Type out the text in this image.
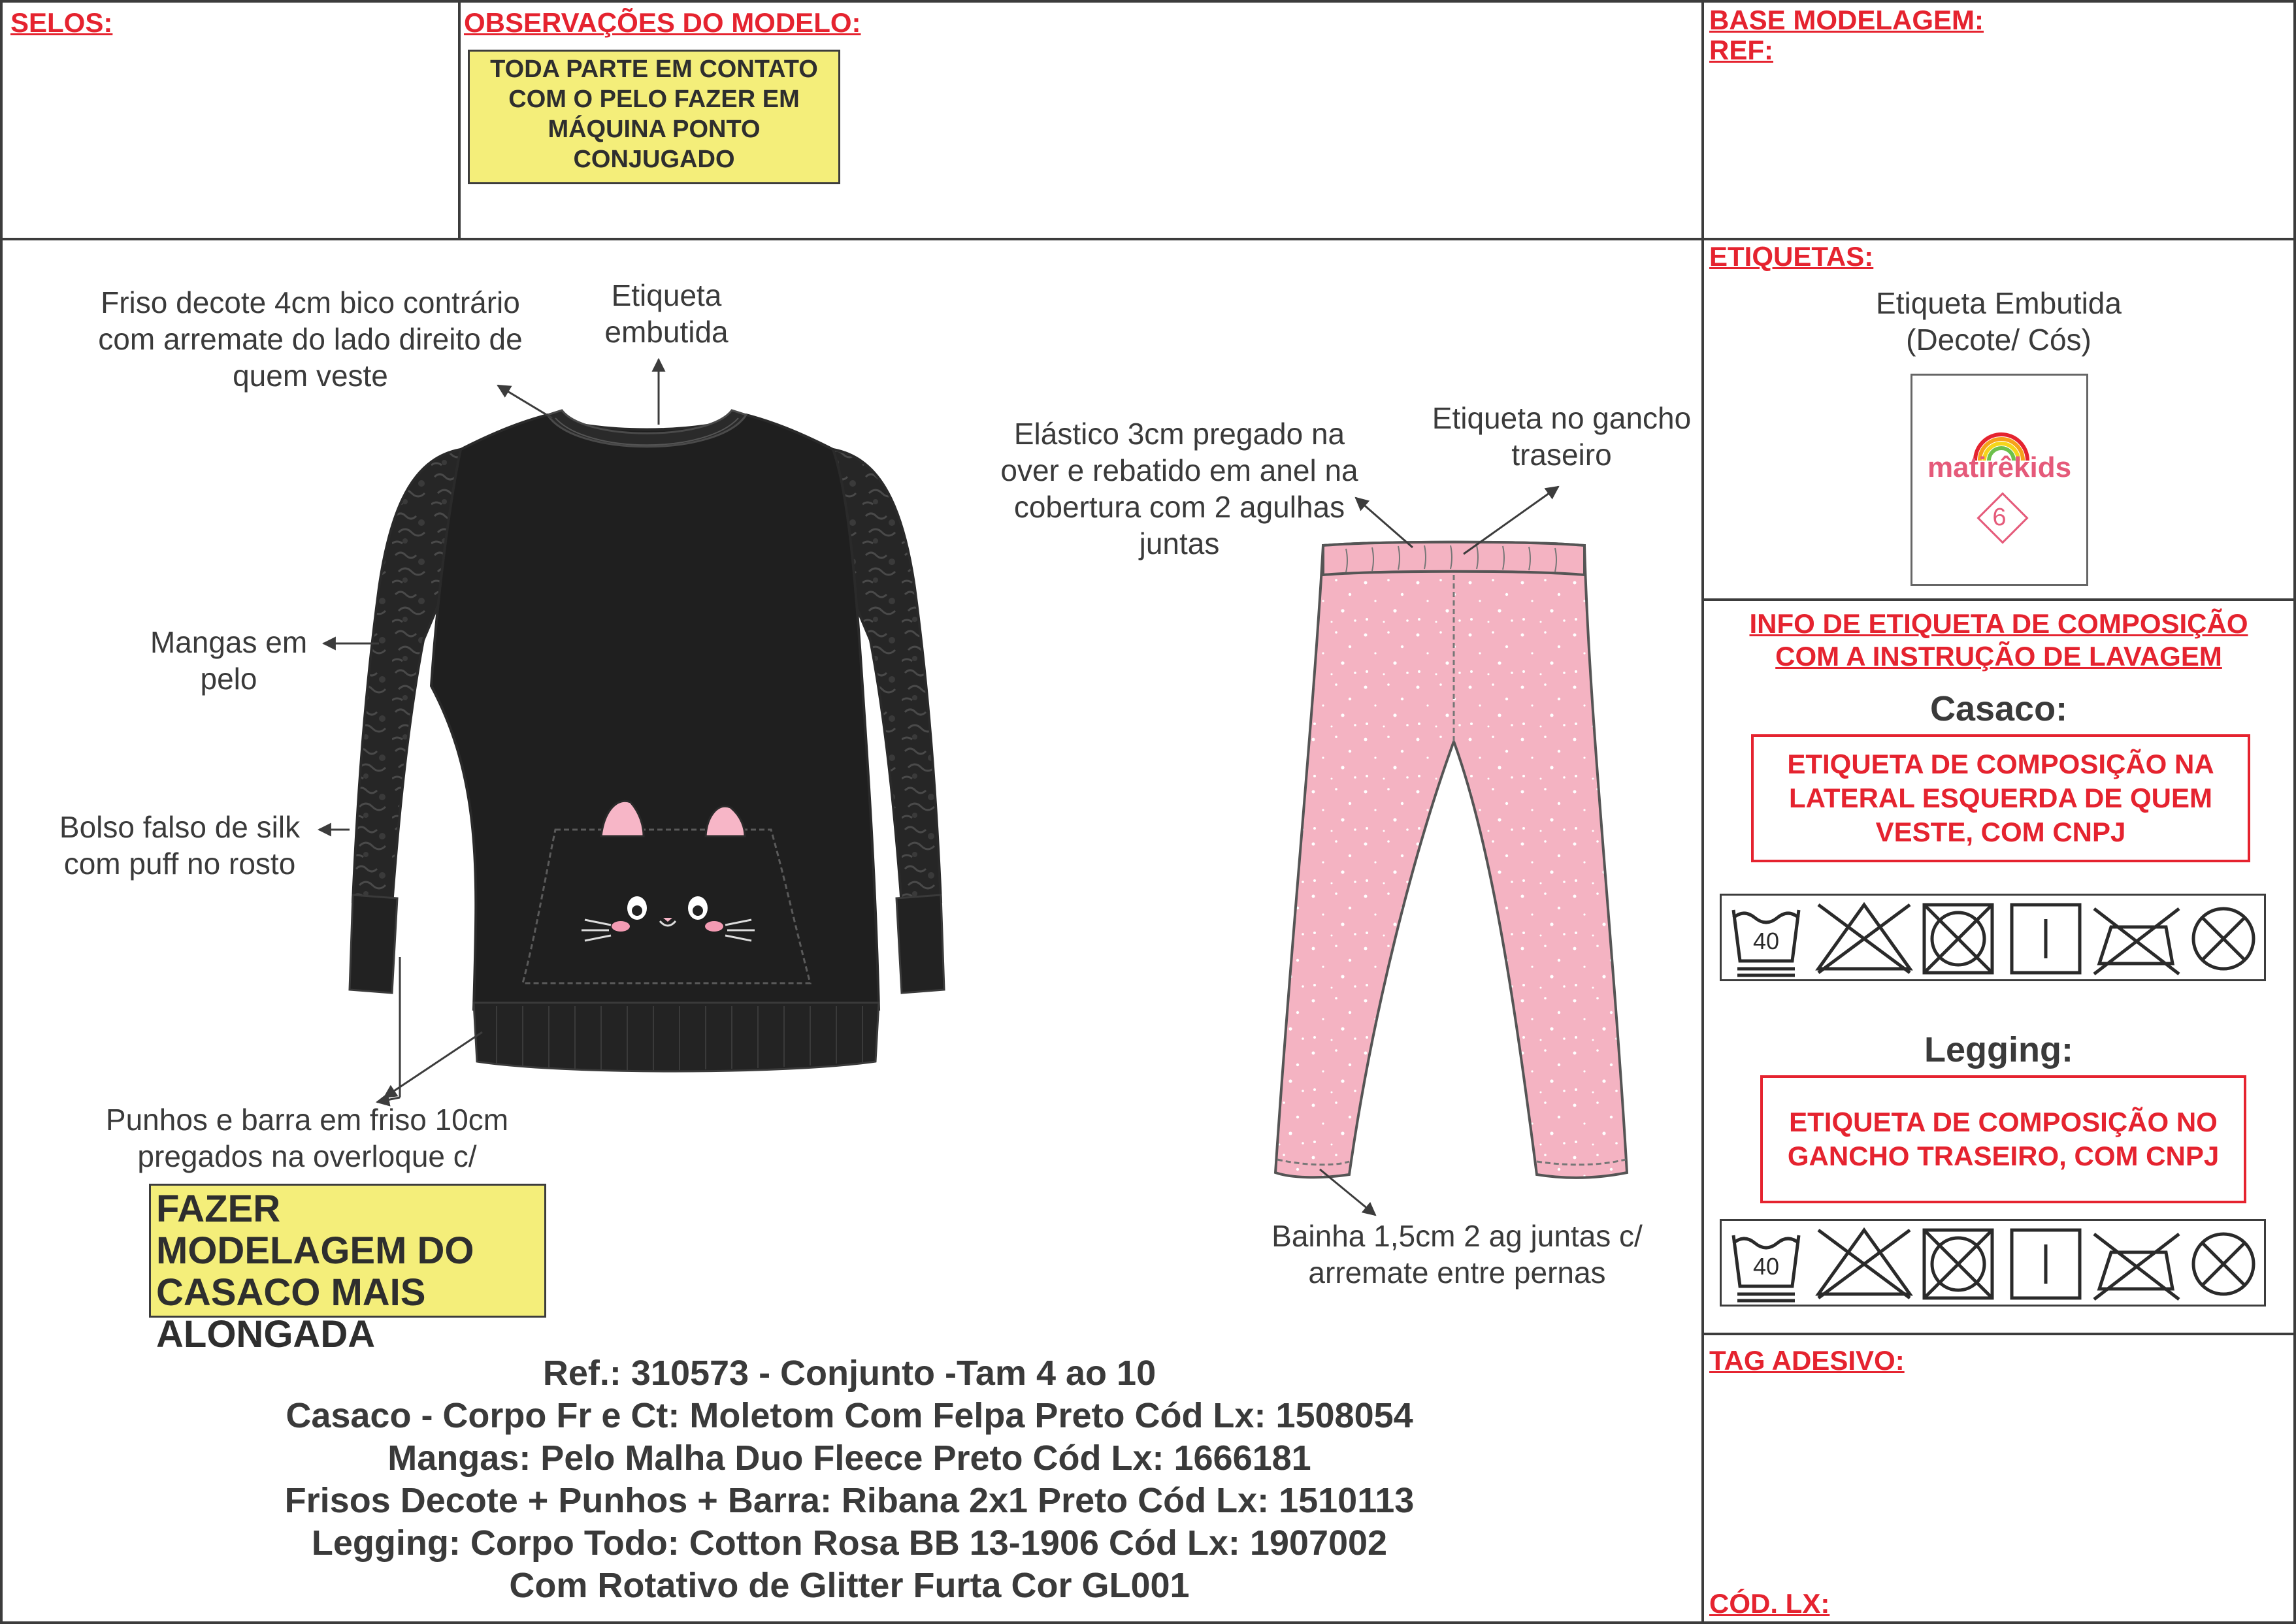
SELOS:	OBSERVAÇÕES DO MODELO:
TODA PARTE EM CONTATO COM O PELO FAZER EM MÁQUINA PONTO CONJUGADO
BASE MODELAGEM:
REF:
Friso decote 4cm bico contrário com arremate do lado direito de quem veste
Etiqueta embutida
Mangas em pelo
Bolso falso de silk com puff no rosto
Punhos e barra em friso 10cm pregados na overloque c/
FAZER MODELAGEM DO CASACO MAIS ALONGADA
Elástico 3cm pregado na over e rebatido em anel na cobertura com 2 agulhas juntas
Etiqueta no gancho traseiro
Bainha 1,5cm 2 ag juntas c/ arremate entre pernas
Ref.: 310573 - Conjunto -Tam 4 ao 10
Casaco - Corpo Fr e Ct: Moletom Com Felpa Preto Cód Lx: 1508054
Mangas: Pelo Malha Duo Fleece Preto Cód Lx: 1666181
Frisos Decote + Punhos + Barra: Ribana 2x1 Preto Cód Lx: 1510113
Legging: Corpo Todo: Cotton Rosa BB 13-1906 Cód Lx: 1907002
Com Rotativo de Glitter Furta Cor GL001
ETIQUETAS:
Etiqueta Embutida
(Decote/ Cós)
matirêkids
6
INFO DE ETIQUETA DE COMPOSIÇÃO
COM A INSTRUÇÃO DE LAVAGEM
Casaco:
ETIQUETA DE COMPOSIÇÃO NA LATERAL ESQUERDA DE QUEM VESTE, COM CNPJ
40
Legging:
ETIQUETA DE COMPOSIÇÃO NO GANCHO TRASEIRO, COM CNPJ
40
TAG ADESIVO:
CÓD. LX:
